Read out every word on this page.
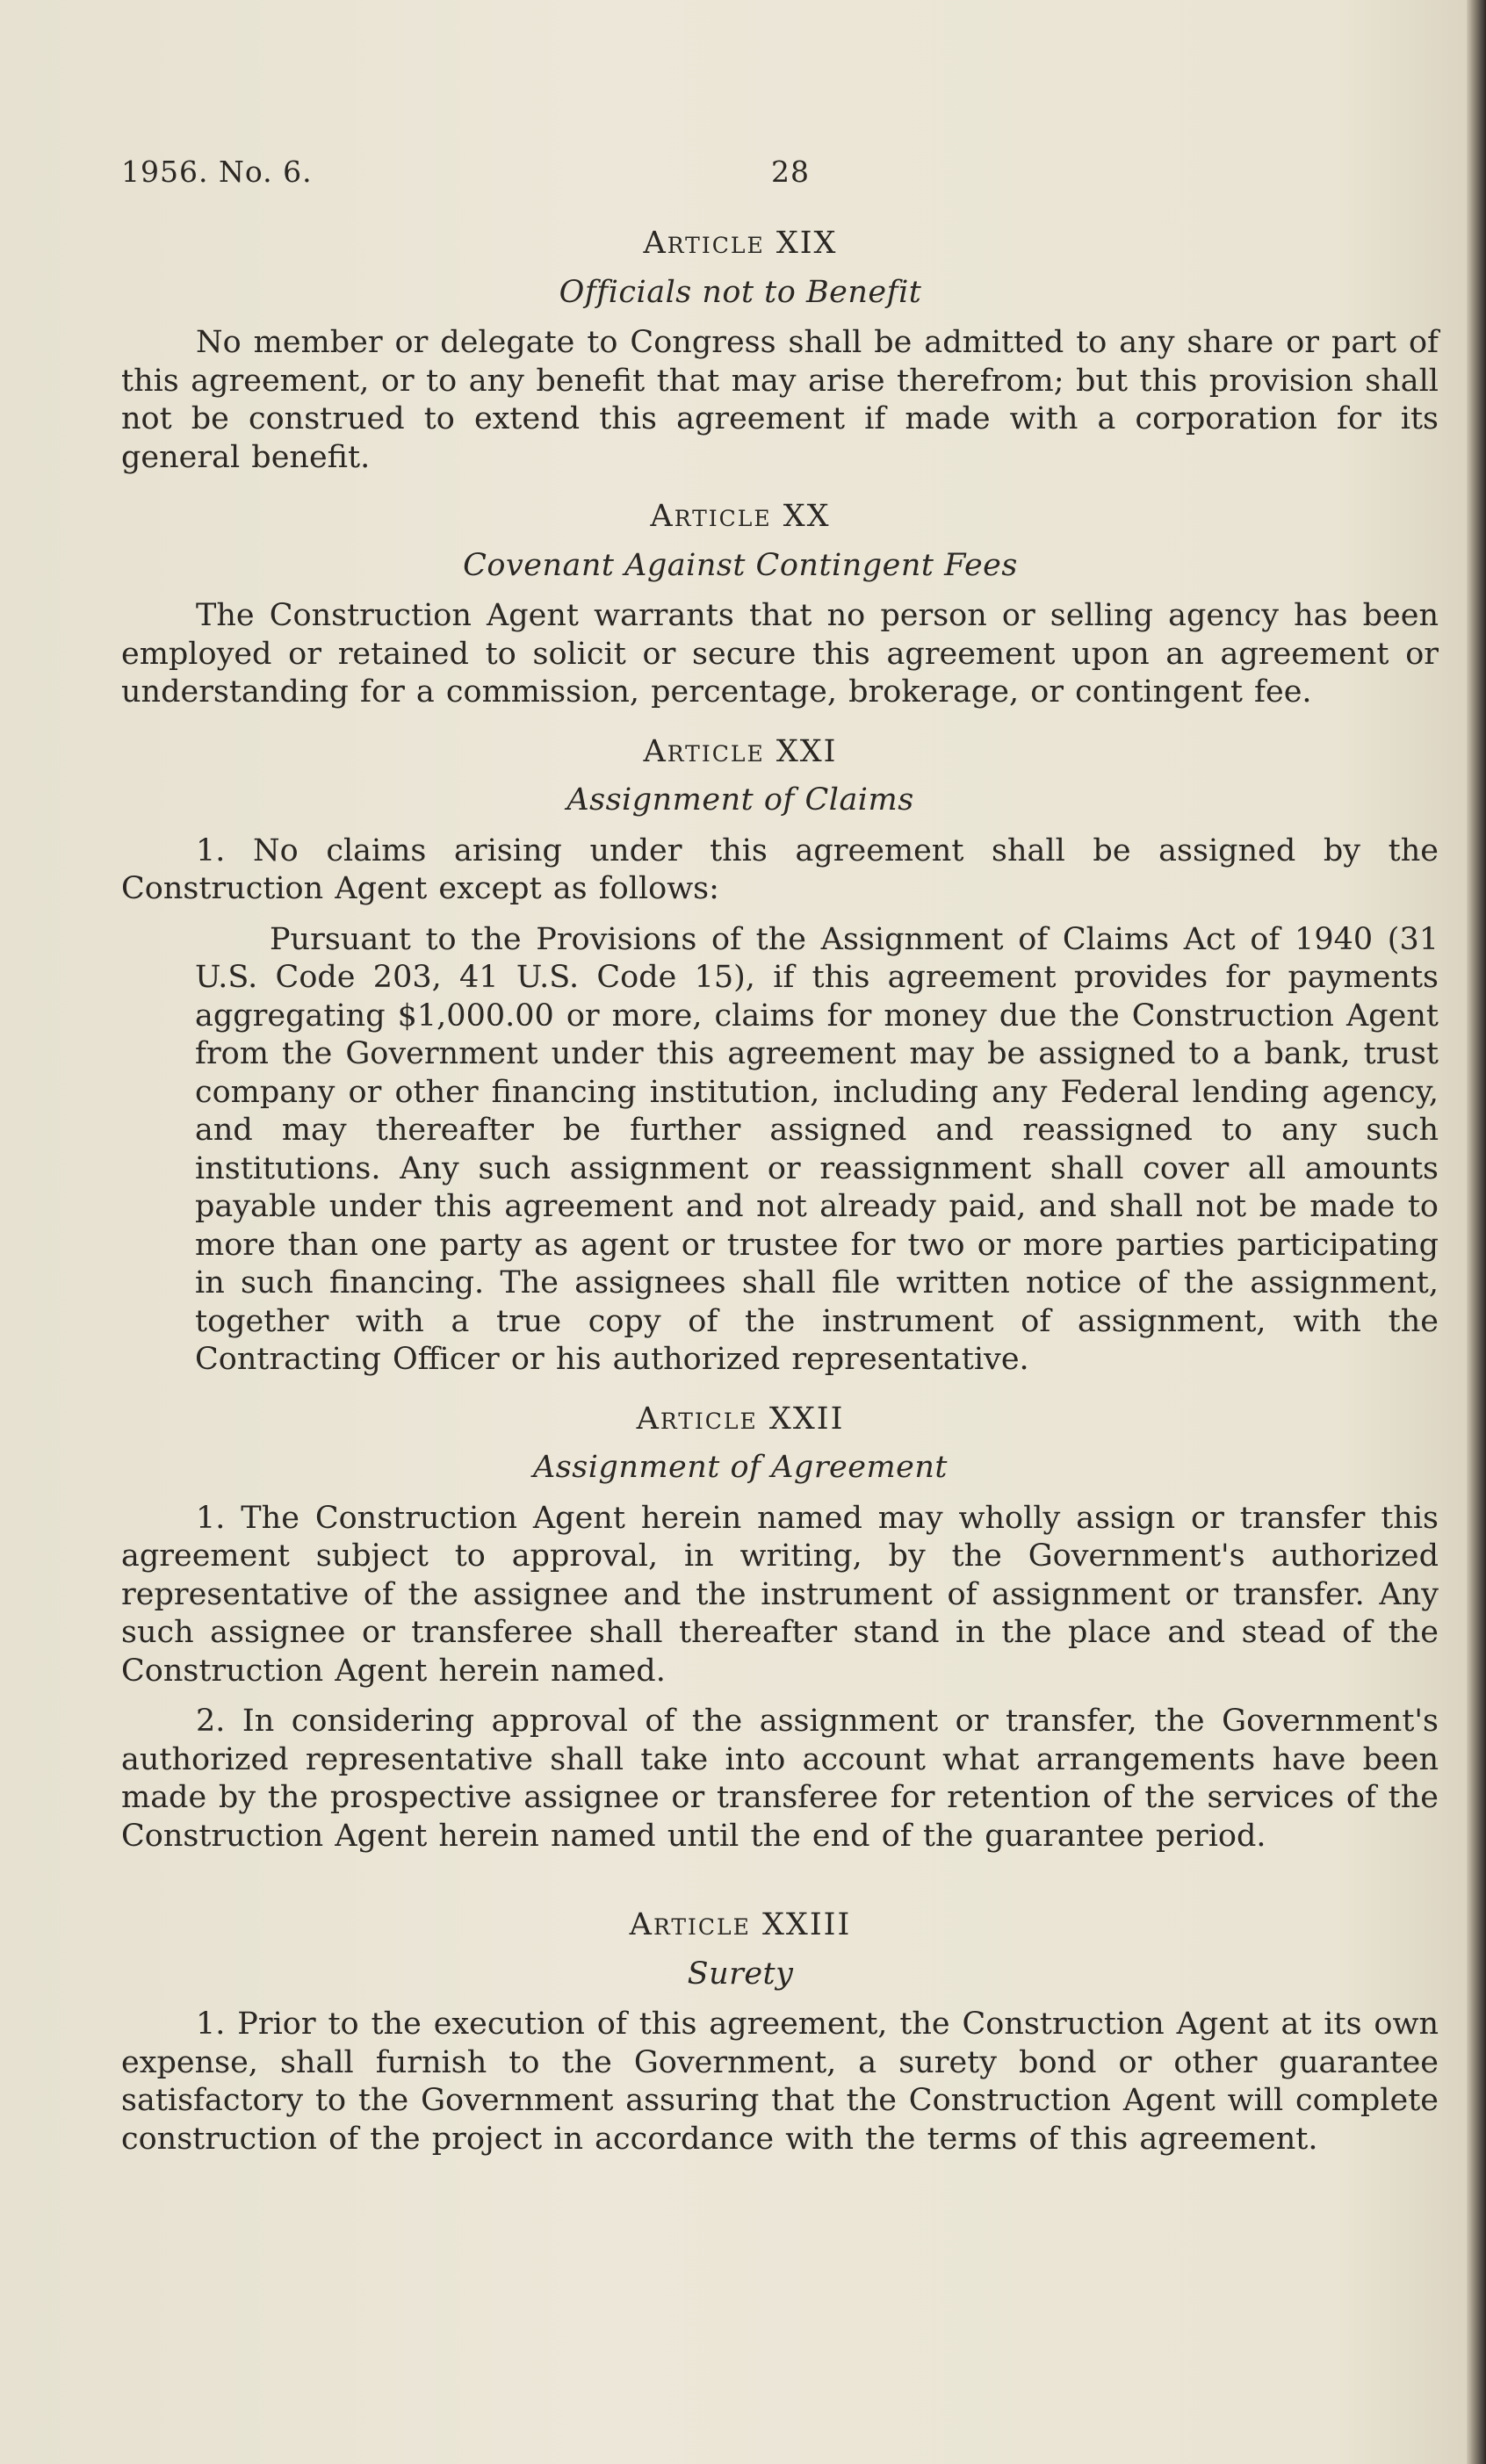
1956. No. 6.	28
Article XIX
Officials not to Benefit

No member or delegate to Congress shall be admitted to any share or part of this agreement, or to any benefit that may arise therefrom; but this provision shall not be construed to extend this agreement if made with a corporation for its general benefit.

Article XX
Covenant Against Contingent Fees

The Construction Agent warrants that no person or selling agency has been employed or retained to solicit or secure this agreement upon an agreement or understanding for a commission, percentage, brokerage, or contingent fee.

Article XXI
Assignment of Claims

1. No claims arising under this agreement shall be assigned by the Construction Agent except as follows:

Pursuant to the Provisions of the Assignment of Claims Act of 1940 (31 U.S. Code 203, 41 U.S. Code 15), if this agreement provides for payments aggregating $1,000.00 or more, claims for money due the Construction Agent from the Government under this agreement may be assigned to a bank, trust company or other financing institution, including any Federal lending agency, and may thereafter be further assigned and reassigned to any such institutions. Any such assignment or reassignment shall cover all amounts payable under this agreement and not already paid, and shall not be made to more than one party as agent or trustee for two or more parties participating in such financing. The assignees shall file written notice of the assignment, together with a true copy of the instrument of assignment, with the Contracting Officer or his authorized representative.

Article XXII
Assignment of Agreement

1. The Construction Agent herein named may wholly assign or transfer this agreement subject to approval, in writing, by the Government's authorized representative of the assignee and the instrument of assignment or transfer. Any such assignee or transferee shall thereafter stand in the place and stead of the Construction Agent herein named.

2. In considering approval of the assignment or transfer, the Government's authorized representative shall take into account what arrangements have been made by the prospective assignee or transferee for retention of the services of the Construction Agent herein named until the end of the guarantee period.

Article XXIII
Surety

1. Prior to the execution of this agreement, the Construction Agent at its own expense, shall furnish to the Government, a surety bond or other guarantee satisfactory to the Government assuring that the Construction Agent will complete construction of the project in accordance with the terms of this agreement.
